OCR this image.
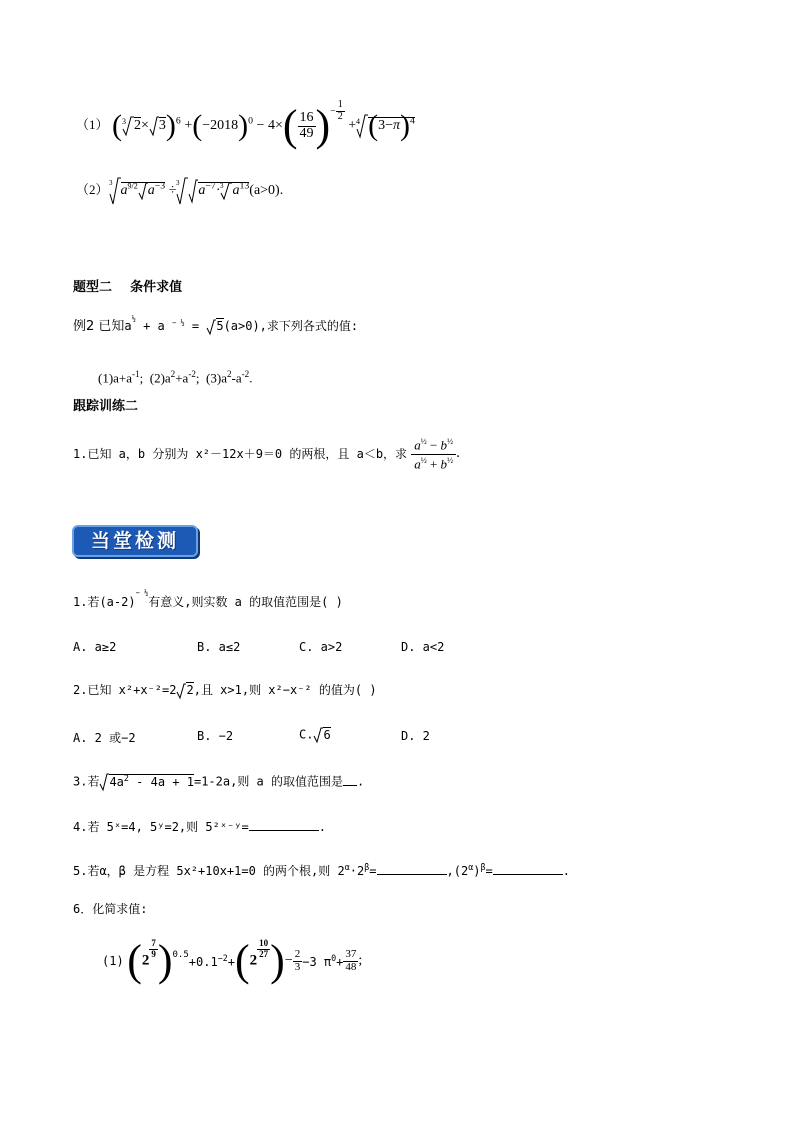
（1） ( 3 $2\times 3)^6 +(-2018)^0 - 4\times( \frac{16}{49} )^{- \frac{1}{2}}$
+ 4 $(3-\pi)^4$
（2） 3
$a^{9/2}$ $a^{-3}$ ÷
3
$a^{-7}\cdot 3$ $a^{13}(a>0)$.
题型二    条件求值
例2 已知$a^{\frac{1}{2}} + a$ $^{- \frac{1}{2}}$ = 5(a>0),求下列各式的值:
$(1)a+a^{-1}$;  $(2)a^2+a^{-2}$;  $(3)a^2-a^{-2}$.
跟踪训练二
1.已知 a，b 分别为 x²－12x＋9＝0 的两根，且 a＜b，求 $\frac{a^{\frac{1}{2}} - b^{\frac{1}{2}}}{a^{\frac{1}{2}} + b^{\frac{1}{2}}}$ .
当堂检测
1.若$(a-2)^{- \frac{1}{2}}$有意义,则实数 a 的取值范围是( )
A. a≥2	B. a≤2	C. a>2	D. a<2
2.已知 x²+x⁻²=2 2,且 x>1,则 x²−x⁻² 的值为( )
A. 2 或−2	B. −2	C. 6	D. 2
3.若 $4a^2 - 4a + 1=1-2a$,则 a 的取值范围是 .
4.若 5ˣ=4, 5ʸ=2,则 5²ˣ⁻ʸ=	.
5.若α，β 是方程 5x²+10x+1=0 的两个根,则 $2^\alpha\cdot 2^\beta=$	$,(2^\alpha)^\beta=$	.
6．化简求值:
(1) (2
$\frac{7}{9} )^{0.5}+0.1^{-2}+(2$
$\frac{10}{27}$ )− $\frac{2}{3} -3$ $\pi^0+ \frac{37}{48}$ ;
